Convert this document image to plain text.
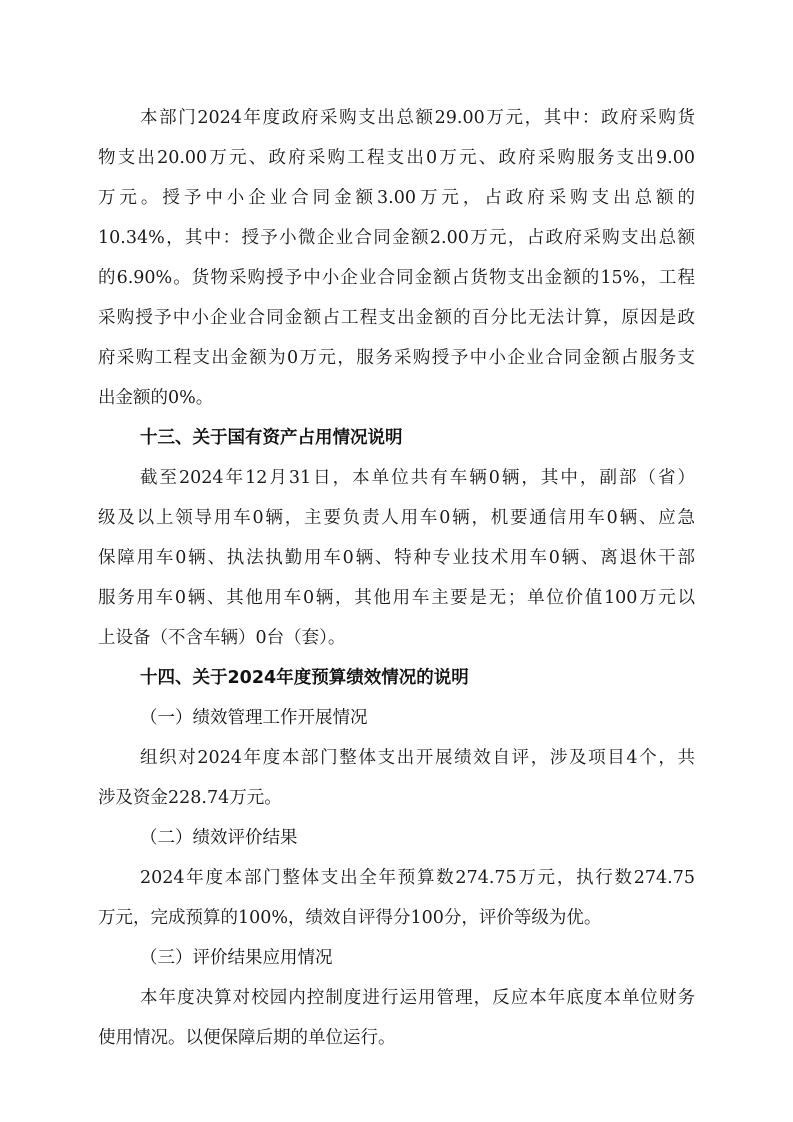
本部门2024年度政府采购支出总额29.00万元，其中：政府采购货
物支出20.00万元、政府采购工程支出0万元、政府采购服务支出9.00
万元。授予中小企业合同金额3.00万元，占政府采购支出总额的
10.34%，其中：授予小微企业合同金额2.00万元，占政府采购支出总额
的6.90%。货物采购授予中小企业合同金额占货物支出金额的15%，工程
采购授予中小企业合同金额占工程支出金额的百分比无法计算，原因是政
府采购工程支出金额为0万元，服务采购授予中小企业合同金额占服务支
出金额的0%。
十三、关于国有资产占用情况说明
截至2024年12月31日，本单位共有车辆0辆，其中，副部（省）
级及以上领导用车0辆，主要负责人用车0辆，机要通信用车0辆、应急
保障用车0辆、执法执勤用车0辆、特种专业技术用车0辆、离退休干部
服务用车0辆、其他用车0辆，其他用车主要是无；单位价值100万元以
上设备（不含车辆）0台（套）。
十四、关于2024年度预算绩效情况的说明
（一）绩效管理工作开展情况
组织对2024年度本部门整体支出开展绩效自评，涉及项目4个，共
涉及资金228.74万元。
（二）绩效评价结果
2024年度本部门整体支出全年预算数274.75万元，执行数274.75
万元，完成预算的100%，绩效自评得分100分，评价等级为优。
（三）评价结果应用情况
本年度决算对校园内控制度进行运用管理，反应本年底度本单位财务
使用情况。以便保障后期的单位运行。
